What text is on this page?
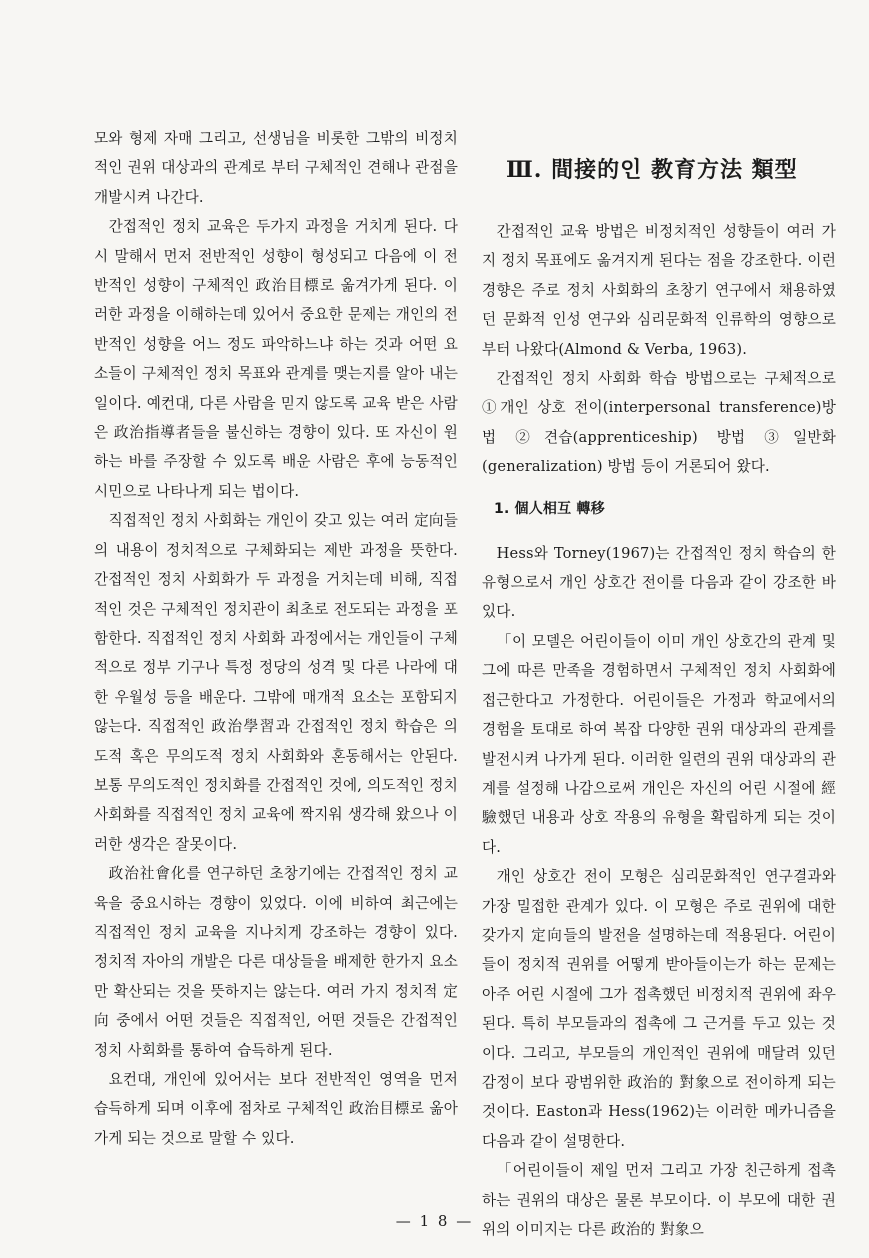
모와 형제 자매 그리고, 선생님을 비롯한 그밖의 비정치적인 권위 대상과의 관계로 부터 구체적인 견해나 관점을 개발시켜 나간다.

간접적인 정치 교육은 두가지 과정을 거치게 된다. 다시 말해서 먼저 전반적인 성향이 형성되고 다음에 이 전반적인 성향이 구체적인 政治目標로 옮겨가게 된다. 이러한 과정을 이해하는데 있어서 중요한 문제는 개인의 전반적인 성향을 어느 정도 파악하느냐 하는 것과 어떤 요소들이 구체적인 정치 목표와 관계를 맺는지를 알아 내는 일이다. 예컨대, 다른 사람을 믿지 않도록 교육 받은 사람은 政治指導者들을 불신하는 경향이 있다. 또 자신이 원하는 바를 주장할 수 있도록 배운 사람은 후에 능동적인 시민으로 나타나게 되는 법이다.

직접적인 정치 사회화는 개인이 갖고 있는 여러 定向들의 내용이 정치적으로 구체화되는 제반 과정을 뜻한다. 간접적인 정치 사회화가 두 과정을 거치는데 비해, 직접적인 것은 구체적인 정치관이 최초로 전도되는 과정을 포함한다. 직접적인 정치 사회화 과정에서는 개인들이 구체적으로 정부 기구나 특정 정당의 성격 및 다른 나라에 대한 우월성 등을 배운다. 그밖에 매개적 요소는 포함되지 않는다. 직접적인 政治學習과 간접적인 정치 학습은 의도적 혹은 무의도적 정치 사회화와 혼동해서는 안된다. 보통 무의도적인 정치화를 간접적인 것에, 의도적인 정치 사회화를 직접적인 정치 교육에 짝지워 생각해 왔으나 이러한 생각은 잘못이다.

政治社會化를 연구하던 초창기에는 간접적인 정치 교육을 중요시하는 경향이 있었다. 이에 비하여 최근에는 직접적인 정치 교육을 지나치게 강조하는 경향이 있다. 정치적 자아의 개발은 다른 대상들을 배제한 한가지 요소만 확산되는 것을 뜻하지는 않는다. 여러 가지 정치적 定向 중에서 어떤 것들은 직접적인, 어떤 것들은 간접적인 정치 사회화를 통하여 습득하게 된다.

요컨대, 개인에 있어서는 보다 전반적인 영역을 먼저 습득하게 되며 이후에 점차로 구체적인 政治目標로 옮아 가게 되는 것으로 말할 수 있다.

Ⅲ. 間接的인 教育方法 類型

간접적인 교육 방법은 비정치적인 성향들이 여러 가지 정치 목표에도 옮겨지게 된다는 점을 강조한다. 이런 경향은 주로 정치 사회화의 초창기 연구에서 채용하였던 문화적 인성 연구와 심리문화적 인류학의 영향으로부터 나왔다(Almond & Verba, 1963).

간접적인 정치 사회화 학습 방법으로는 구체적으로 ①개인 상호 전이(interpersonal transference)방법 ②견습(apprenticeship) 방법 ③일반화(generalization) 방법 등이 거론되어 왔다.

1. 個人相互 轉移

Hess와 Torney(1967)는 간접적인 정치 학습의 한 유형으로서 개인 상호간 전이를 다음과 같이 강조한 바 있다.

「이 모델은 어린이들이 이미 개인 상호간의 관계 및 그에 따른 만족을 경험하면서 구체적인 정치 사회화에 접근한다고 가정한다. 어린이들은 가정과 학교에서의 경험을 토대로 하여 복잡 다양한 권위 대상과의 관계를 발전시켜 나가게 된다. 이러한 일련의 권위 대상과의 관계를 설정해 나감으로써 개인은 자신의 어린 시절에 經驗했던 내용과 상호 작용의 유형을 확립하게 되는 것이다.

개인 상호간 전이 모형은 심리문화적인 연구결과와 가장 밀접한 관계가 있다. 이 모형은 주로 권위에 대한 갖가지 定向들의 발전을 설명하는데 적용된다. 어린이들이 정치적 권위를 어떻게 받아들이는가 하는 문제는 아주 어린 시절에 그가 접촉했던 비정치적 권위에 좌우된다. 특히 부모들과의 접촉에 그 근거를 두고 있는 것이다. 그리고, 부모들의 개인적인 권위에 매달려 있던 감정이 보다 광범위한 政治的 對象으로 전이하게 되는 것이다. Easton과 Hess(1962)는 이러한 메카니즘을 다음과 같이 설명한다.

「어린이들이 제일 먼저 그리고 가장 친근하게 접촉하는 권위의 대상은 물론 부모이다. 이 부모에 대한 권위의 이미지는 다른 政治的 對象으

— 1 8 —
